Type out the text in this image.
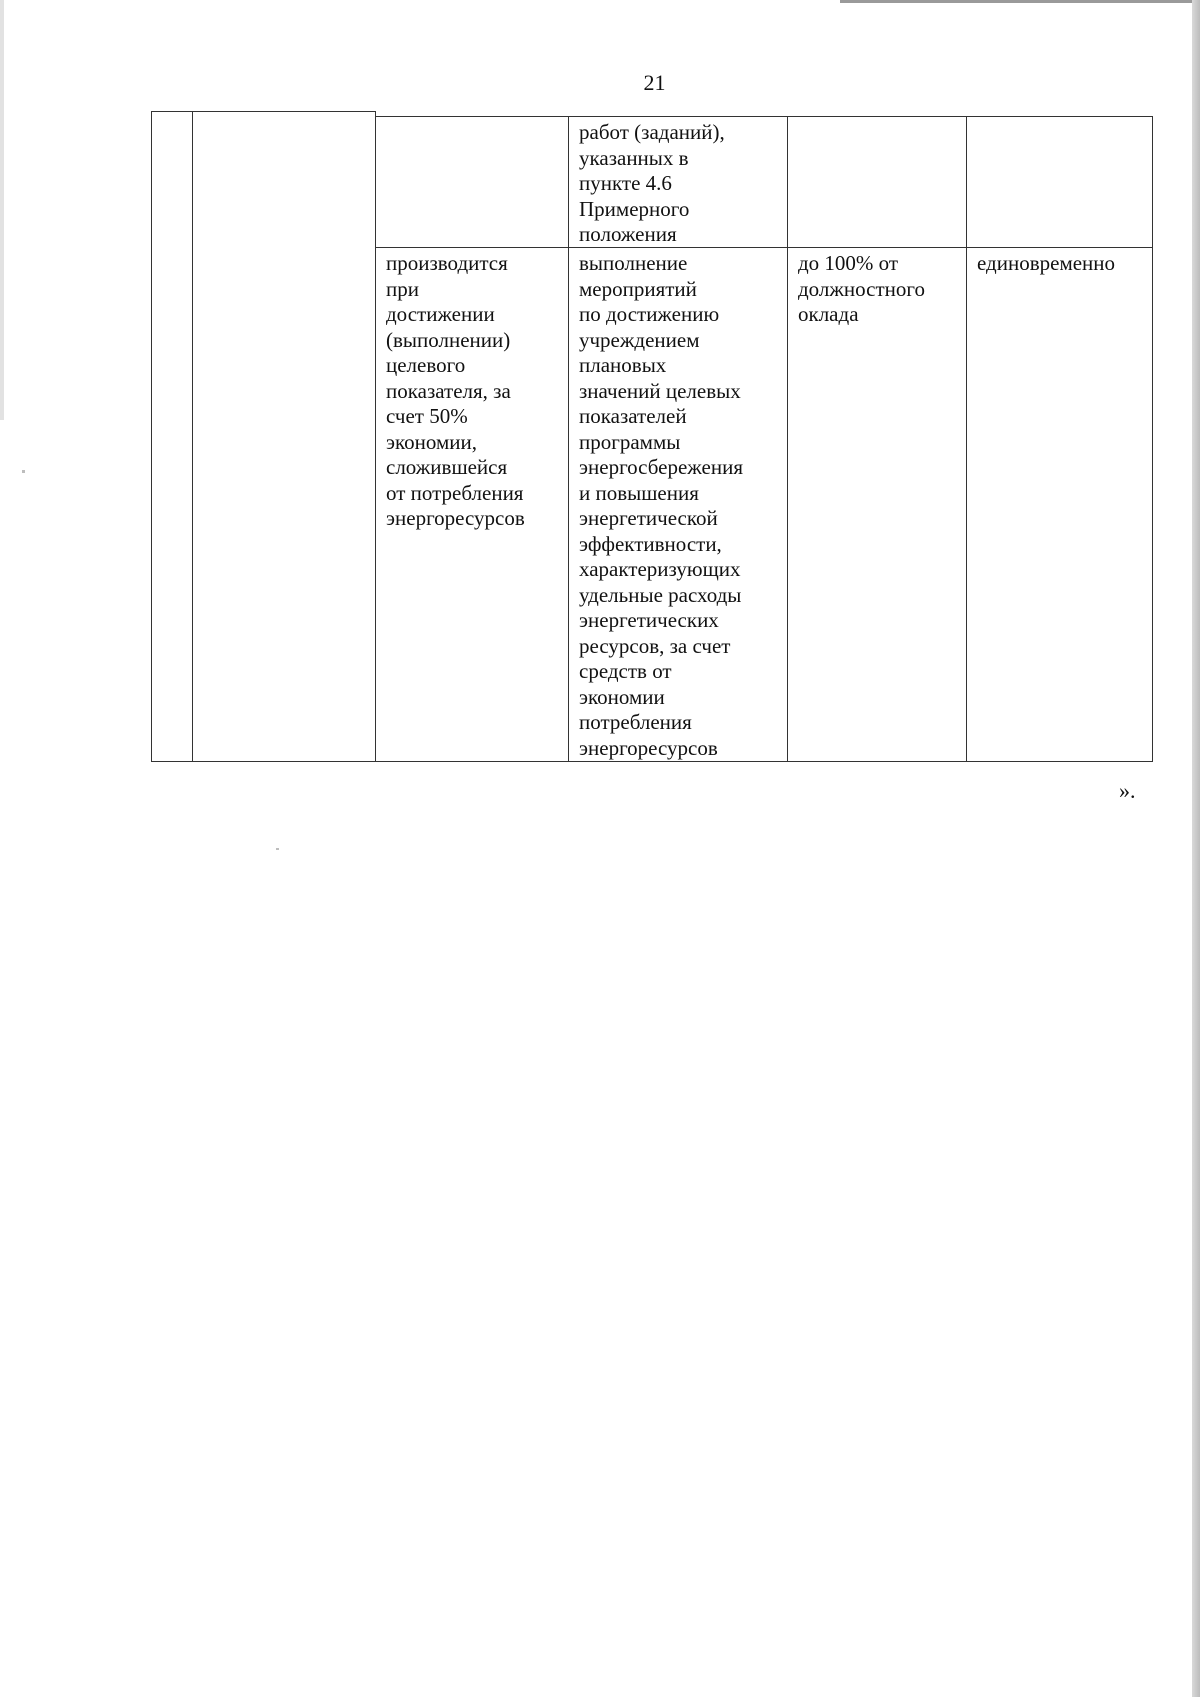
21
работ (заданий),
указанных в
пункте 4.6
Примерного
положения
производится
при
достижении
(выполнении)
целевого
показателя, за
счет 50%
экономии,
сложившейся
от потребления
энергоресурсов
выполнение
мероприятий
по достижению
учреждением
плановых
значений целевых
показателей
программы
энергосбережения
и повышения
энергетической
эффективности,
характеризующих
удельные расходы
энергетических
ресурсов, за счет
средств от
экономии
потребления
энергоресурсов
до 100% от
должностного
оклада
единовременно
».
